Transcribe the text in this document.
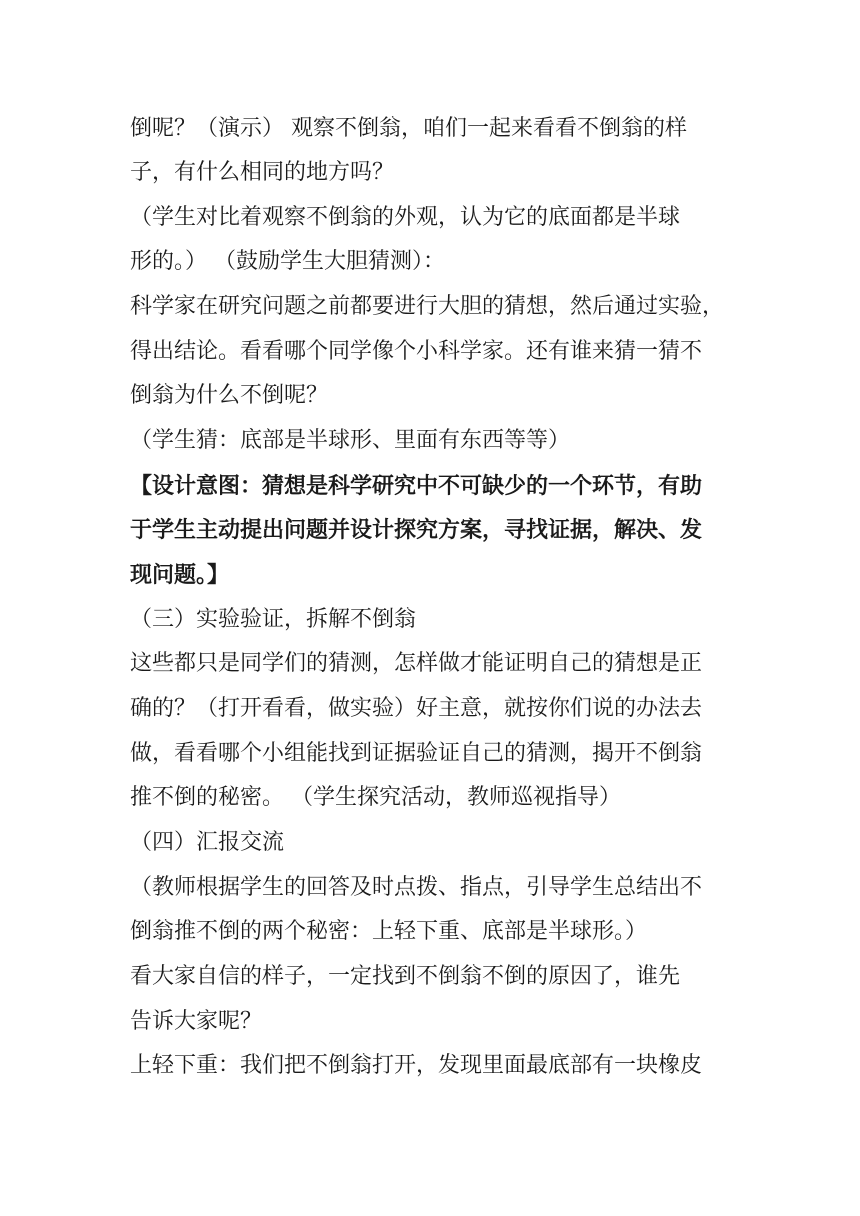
倒呢？（演示） 观察不倒翁，咱们一起来看看不倒翁的样
子，有什么相同的地方吗？
（学生对比着观察不倒翁的外观，认为它的底面都是半球
形的。） （鼓励学生大胆猜测）：
科学家在研究问题之前都要进行大胆的猜想，然后通过实验，
得出结论。看看哪个同学像个小科学家。还有谁来猜一猜不
倒翁为什么不倒呢？
（学生猜：底部是半球形、里面有东西等等）
【设计意图：猜想是科学研究中不可缺少的一个环节，有助
于学生主动提出问题并设计探究方案，寻找证据，解决、发
现问题。】
（三）实验验证，拆解不倒翁
这些都只是同学们的猜测，怎样做才能证明自己的猜想是正
确的？（打开看看，做实验）好主意，就按你们说的办法去
做，看看哪个小组能找到证据验证自己的猜测，揭开不倒翁
推不倒的秘密。 （学生探究活动，教师巡视指导）
（四）汇报交流
（教师根据学生的回答及时点拨、指点，引导学生总结出不
倒翁推不倒的两个秘密：上轻下重、底部是半球形。）
看大家自信的样子，一定找到不倒翁不倒的原因了，谁先
告诉大家呢？
上轻下重：我们把不倒翁打开，发现里面最底部有一块橡皮
